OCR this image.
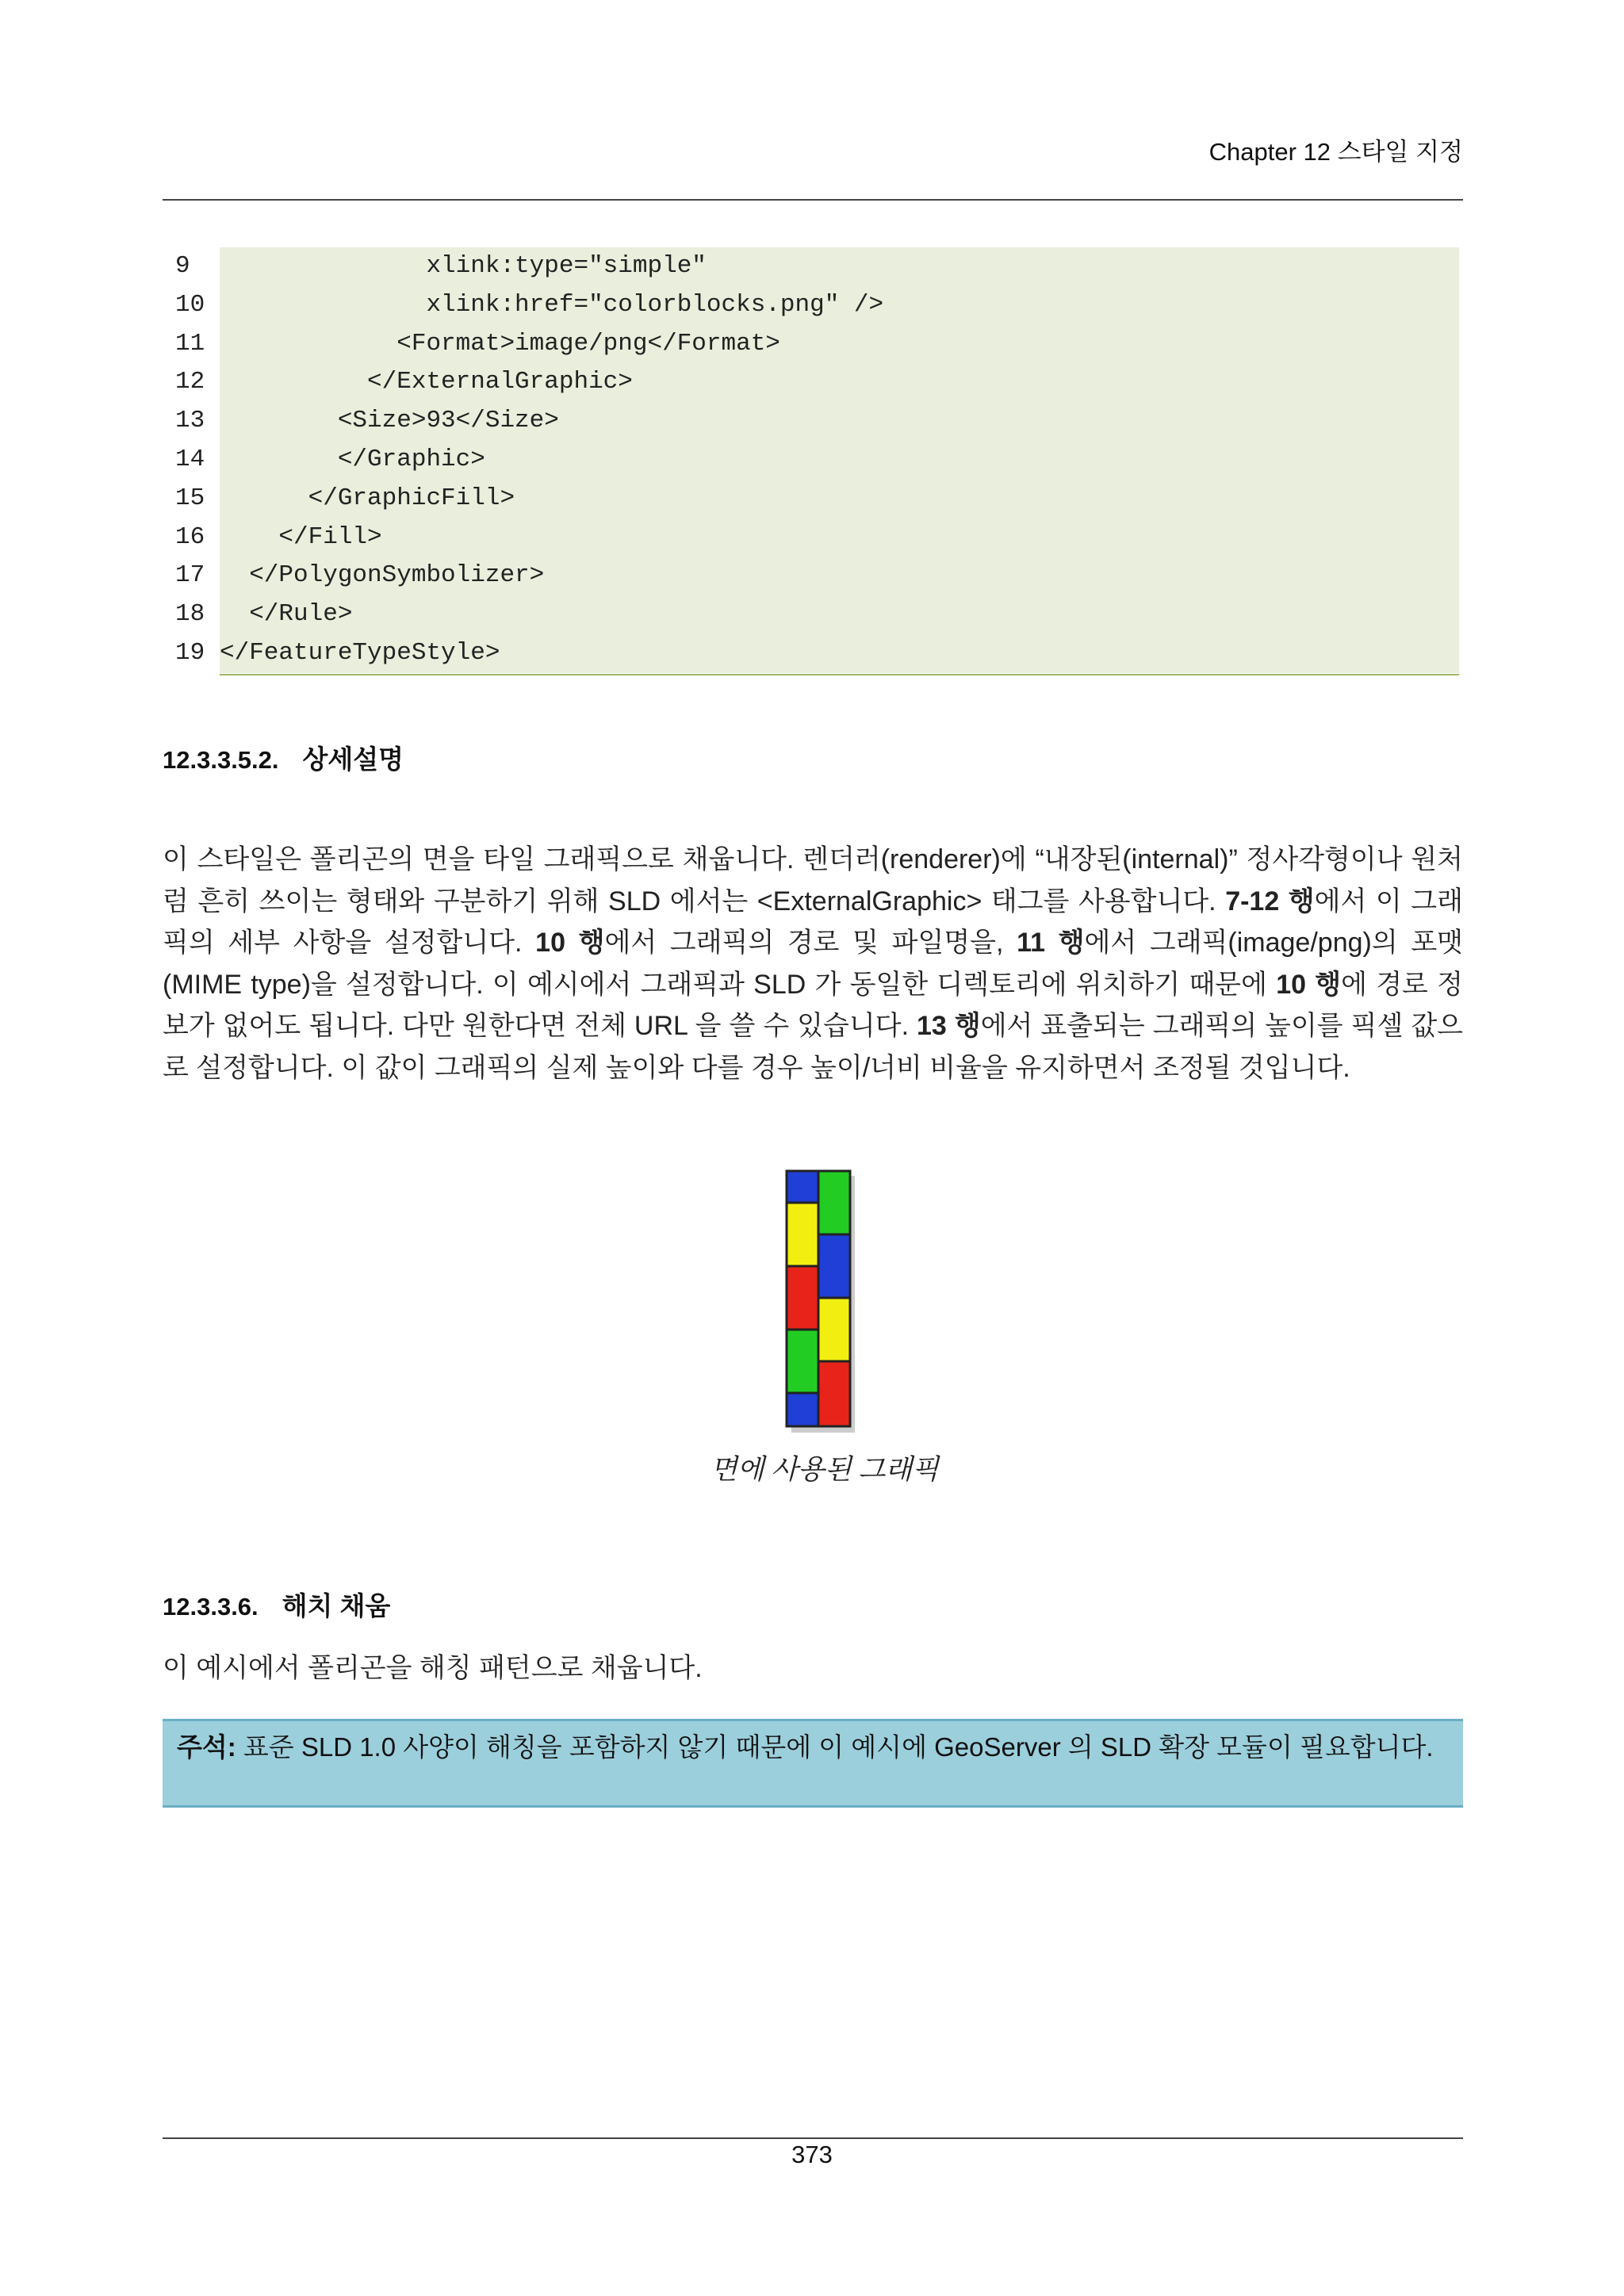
Chapter 12 스타일 지정
9	xlink:type="simple"
10 xlink:href="colorblocks.png" />
11 <Format>image/png</Format>
12 </ExternalGraphic>
13 <Size>93</Size>
14 </Graphic>
15 </GraphicFill>
16 </Fill>
17 </PolygonSymbolizer>
18 </Rule>
19 </FeatureTypeStyle>
12.3.3.5.2. 상세설명
이 스타일은 폴리곤의 면을 타일 그래픽으로 채웁니다. 렌더러(renderer)에 “내장된(internal)” 정사각형이나 원처럼 흔히 쓰이는 형태와 구분하기 위해 SLD 에서는 <ExternalGraphic> 태그를 사용합니다. 7-12 행에서 이 그래픽의 세부 사항을 설정합니다. 10 행에서 그래픽의 경로 및 파일명을, 11 행에서 그래픽(image/png)의 포맷(MIME type)을 설정합니다. 이 예시에서 그래픽과 SLD 가 동일한 디렉토리에 위치하기 때문에 10 행에 경로 정보가 없어도 됩니다. 다만 원한다면 전체 URL 을 쓸 수 있습니다. 13 행에서 표출되는 그래픽의 높이를 픽셀 값으로 설정합니다. 이 값이 그래픽의 실제 높이와 다를 경우 높이/너비 비율을 유지하면서 조정될 것입니다.
면에 사용된 그래픽
12.3.3.6. 해치 채움
이 예시에서 폴리곤을 해칭 패턴으로 채웁니다.
주석: 표준 SLD 1.0 사양이 해칭을 포함하지 않기 때문에 이 예시에 GeoServer 의 SLD 확장 모듈이 필요합니다.
373
